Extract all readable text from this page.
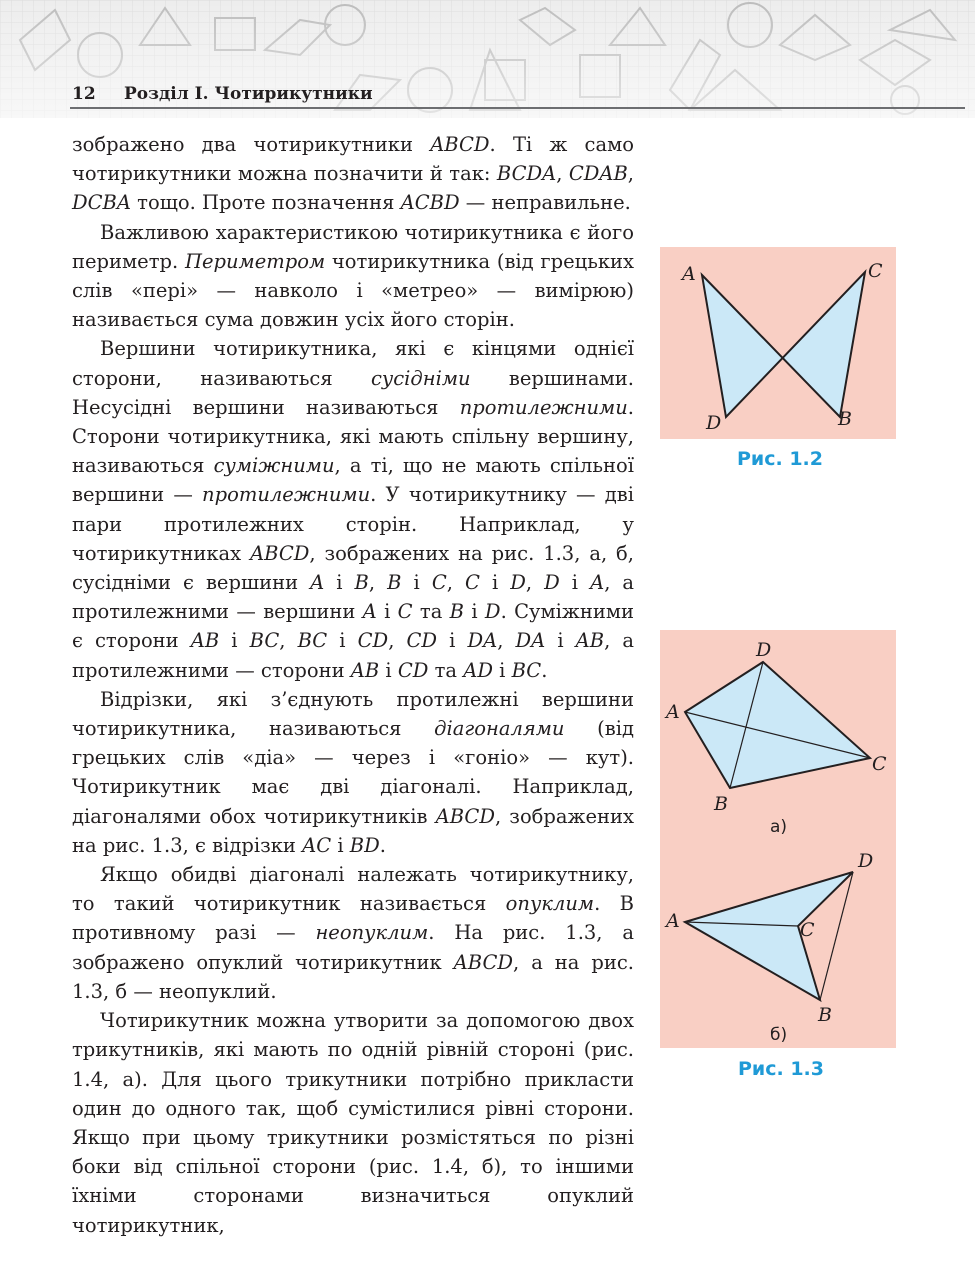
12 Розділ I. Чотирикутники

зображено два чотирикутники ABCD. Ті ж само чотирикутники можна позначити й так: BCDA, CDAB, DCBA тощо. Проте позначення ACBD — неправильне.

Важливою характеристикою чотирикутника є його периметр. Периметром чотирикутника (від грецьких слів «пері» — навколо і «метрео» — вимірюю) називається сума довжин усіх його сторін.

Вершини чотирикутника, які є кінцями однієї сторони, називаються сусідніми вершинами. Несусідні вершини називаються протилежними. Сторони чотирикутника, які мають спільну вершину, називаються суміжними, а ті, що не мають спільної вершини — протилежними. У чотирикутнику — дві пари протилежних сторін. Наприклад, у чотирикутниках ABCD, зображених на рис. 1.3, а, б, сусідніми є вершини A і B, B і C, C і D, D і A, а протилежними — вершини A і C та B і D. Суміжними є сторони AB і BC, BC і CD, CD і DA, DA і AB, а протилежними — сторони AB і CD та AD і BC.

Відрізки, які з’єднують протилежні вершини чотирикутника, називаються діагоналями (від грецьких слів «діа» — через і «гоніо» — кут). Чотирикутник має дві діагоналі. Наприклад, діагоналями обох чотирикутників ABCD, зображених на рис. 1.3, є відрізки AC і BD.

Якщо обидві діагоналі належать чотирикутнику, то такий чотирикутник називається опуклим. В противному разі — неопуклим. На рис. 1.3, а зображено опуклий чотирикутник ABCD, а на рис. 1.3, б — неопуклий.

Чотирикутник можна утворити за допомогою двох трикутників, які мають по одній рівній стороні (рис. 1.4, а). Для цього трикутники потрібно прикласти один до одного так, щоб сумістилися рівні сторони. Якщо при цьому трикутники розмістяться по різні боки від спільної сторони (рис. 1.4, б), то іншими їхніми сторонами визначиться опуклий чотирикутник,

A	C
D	B
Рис. 1.2
A
D
C
B
A
D
C
B
а)
б)
Рис. 1.3
